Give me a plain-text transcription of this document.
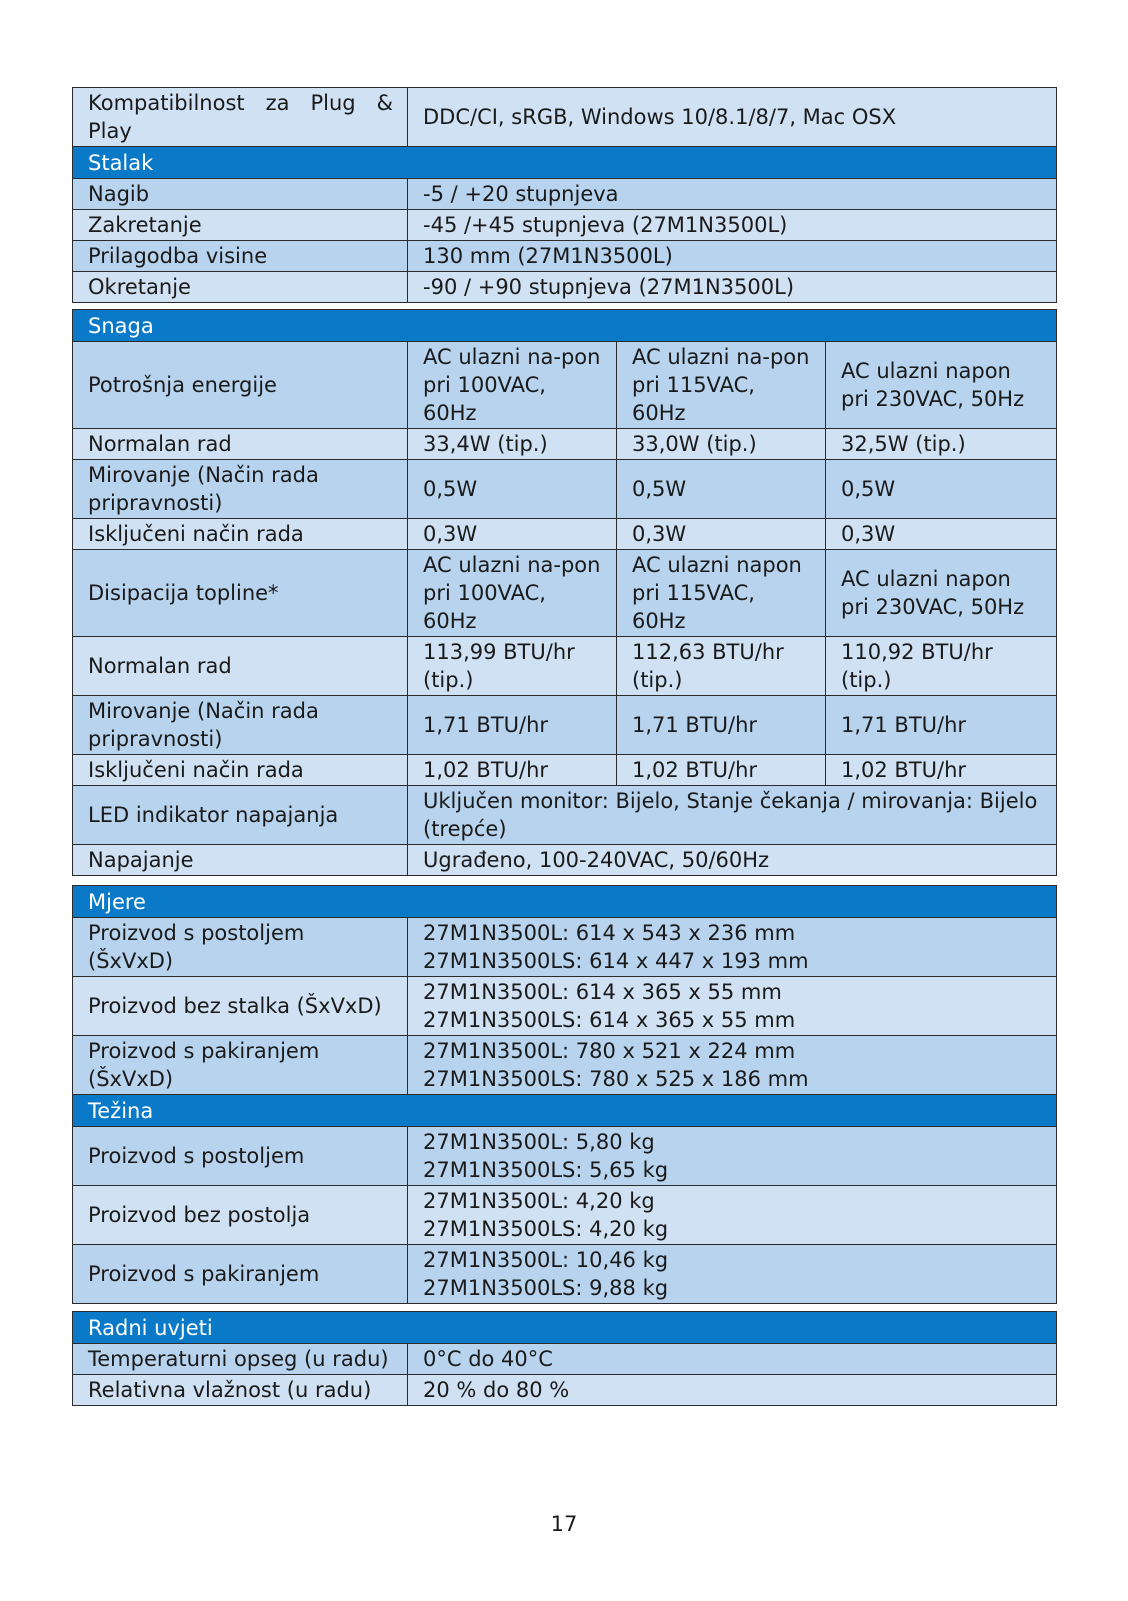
Kompatibilnost za Plug & Play	DDC/CI, sRGB, Windows 10/8.1/8/7, Mac OSX
Stalak	
Nagib	-5 / +20 stupnjeva
Zakretanje	-45 /+45 stupnjeva (27M1N3500L)
Prilagodba visine	130 mm (27M1N3500L)
Okretanje	-90 / +90 stupnjeva (27M1N3500L)
Snaga			
Potrošnja energije	AC ulazni na-pon pri 100VAC, 60Hz	AC ulazni na-pon pri 115VAC, 60Hz	AC ulazni napon pri 230VAC, 50Hz
Normalan rad	33,4W (tip.)	33,0W (tip.)	32,5W (tip.)
Mirovanje (Način rada pripravnosti)	0,5W	0,5W	0,5W
Isključeni način rada	0,3W	0,3W	0,3W
Disipacija topline*	AC ulazni na-pon pri 100VAC, 60Hz	AC ulazni napon pri 115VAC, 60Hz	AC ulazni napon pri 230VAC, 50Hz
Normalan rad	113,99 BTU/hr (tip.)	112,63 BTU/hr (tip.)	110,92 BTU/hr (tip.)
Mirovanje (Način rada pripravnosti)	1,71 BTU/hr	1,71 BTU/hr	1,71 BTU/hr
Isključeni način rada	1,02 BTU/hr	1,02 BTU/hr	1,02 BTU/hr
LED indikator napajanja	Uključen monitor: Bijelo, Stanje čekanja / mirovanja: Bijelo (trepće)		
Napajanje	Ugrađeno, 100-240VAC, 50/60Hz		
Mjere	
Proizvod s postoljem (ŠxVxD)	27M1N3500L: 614 x 543 x 236 mm
27M1N3500LS: 614 x 447 x 193 mm

Proizvod bez stalka (ŠxVxD)	27M1N3500L: 614 x 365 x 55 mm
27M1N3500LS: 614 x 365 x 55 mm

Proizvod s pakiranjem (ŠxVxD)	27M1N3500L: 780 x 521 x 224 mm
27M1N3500LS: 780 x 525 x 186 mm

Težina	
Proizvod s postoljem	27M1N3500L: 5,80 kg
27M1N3500LS: 5,65 kg

Proizvod bez postolja	27M1N3500L: 4,20 kg
27M1N3500LS: 4,20 kg

Proizvod s pakiranjem	27M1N3500L: 10,46 kg
27M1N3500LS: 9,88 kg
Radni uvjeti	
Temperaturni opseg (u radu)	0°C do 40°C
Relativna vlažnost (u radu)	20 % do 80 %
17
